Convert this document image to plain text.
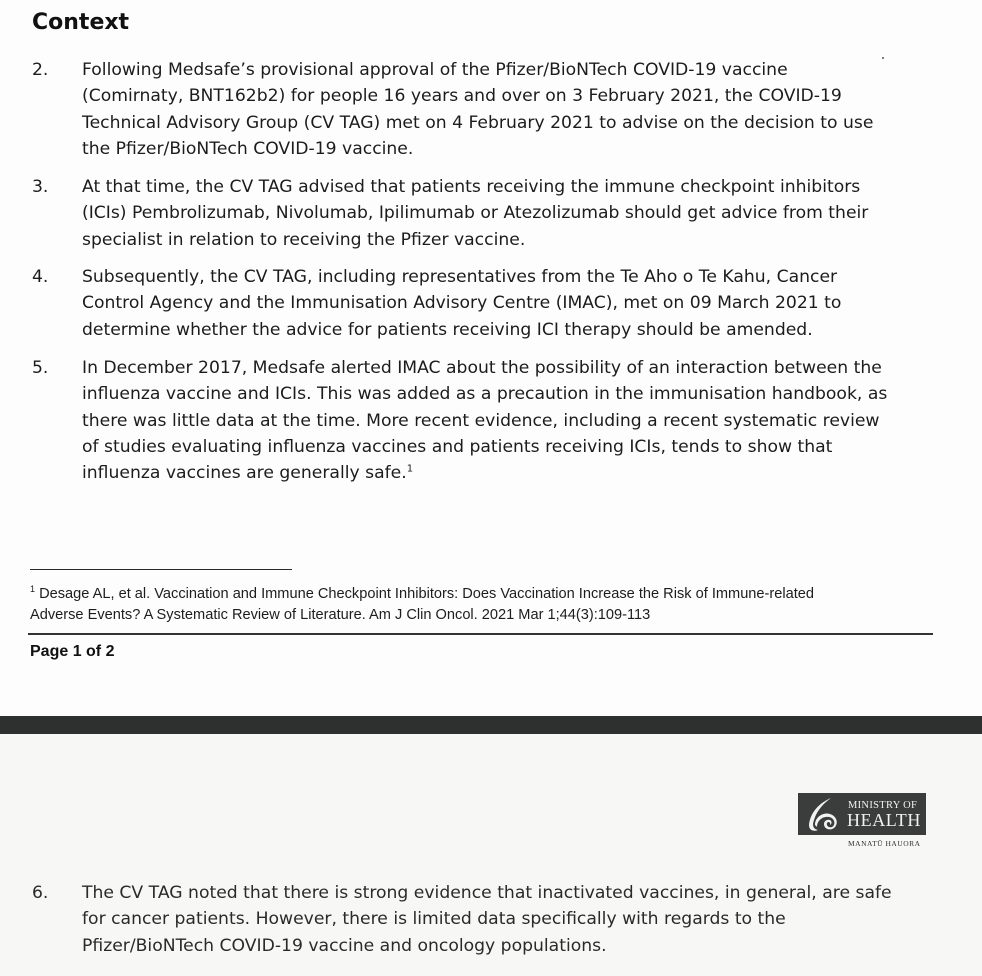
Context
2.	Following Medsafe’s provisional approval of the Pfizer/BioNTech COVID-19 vaccine
(Comirnaty, BNT162b2) for people 16 years and over on 3 February 2021, the COVID-19
Technical Advisory Group (CV TAG) met on 4 February 2021 to advise on the decision to use
the Pfizer/BioNTech COVID-19 vaccine.
3.	At that time, the CV TAG advised that patients receiving the immune checkpoint inhibitors
(ICIs) Pembrolizumab, Nivolumab, Ipilimumab or Atezolizumab should get advice from their
specialist in relation to receiving the Pfizer vaccine.
4.	Subsequently, the CV TAG, including representatives from the Te Aho o Te Kahu, Cancer
Control Agency and the Immunisation Advisory Centre (IMAC), met on 09 March 2021 to
determine whether the advice for patients receiving ICI therapy should be amended.
5.	In December 2017, Medsafe alerted IMAC about the possibility of an interaction between the
influenza vaccine and ICIs. This was added as a precaution in the immunisation handbook, as
there was little data at the time. More recent evidence, including a recent systematic review
of studies evaluating influenza vaccines and patients receiving ICIs, tends to show that
influenza vaccines are generally safe.$^1$
$^1$ Desage AL, et al. Vaccination and Immune Checkpoint Inhibitors: Does Vaccination Increase the Risk of Immune-related
Adverse Events? A Systematic Review of Literature. Am J Clin Oncol. 2021 Mar 1;44(3):109-113
Page 1 of 2
MINISTRY OF
HEALTH
MANATŪ HAUORA
6.	The CV TAG noted that there is strong evidence that inactivated vaccines, in general, are safe
for cancer patients. However, there is limited data specifically with regards to the
Pfizer/BioNTech COVID-19 vaccine and oncology populations.
